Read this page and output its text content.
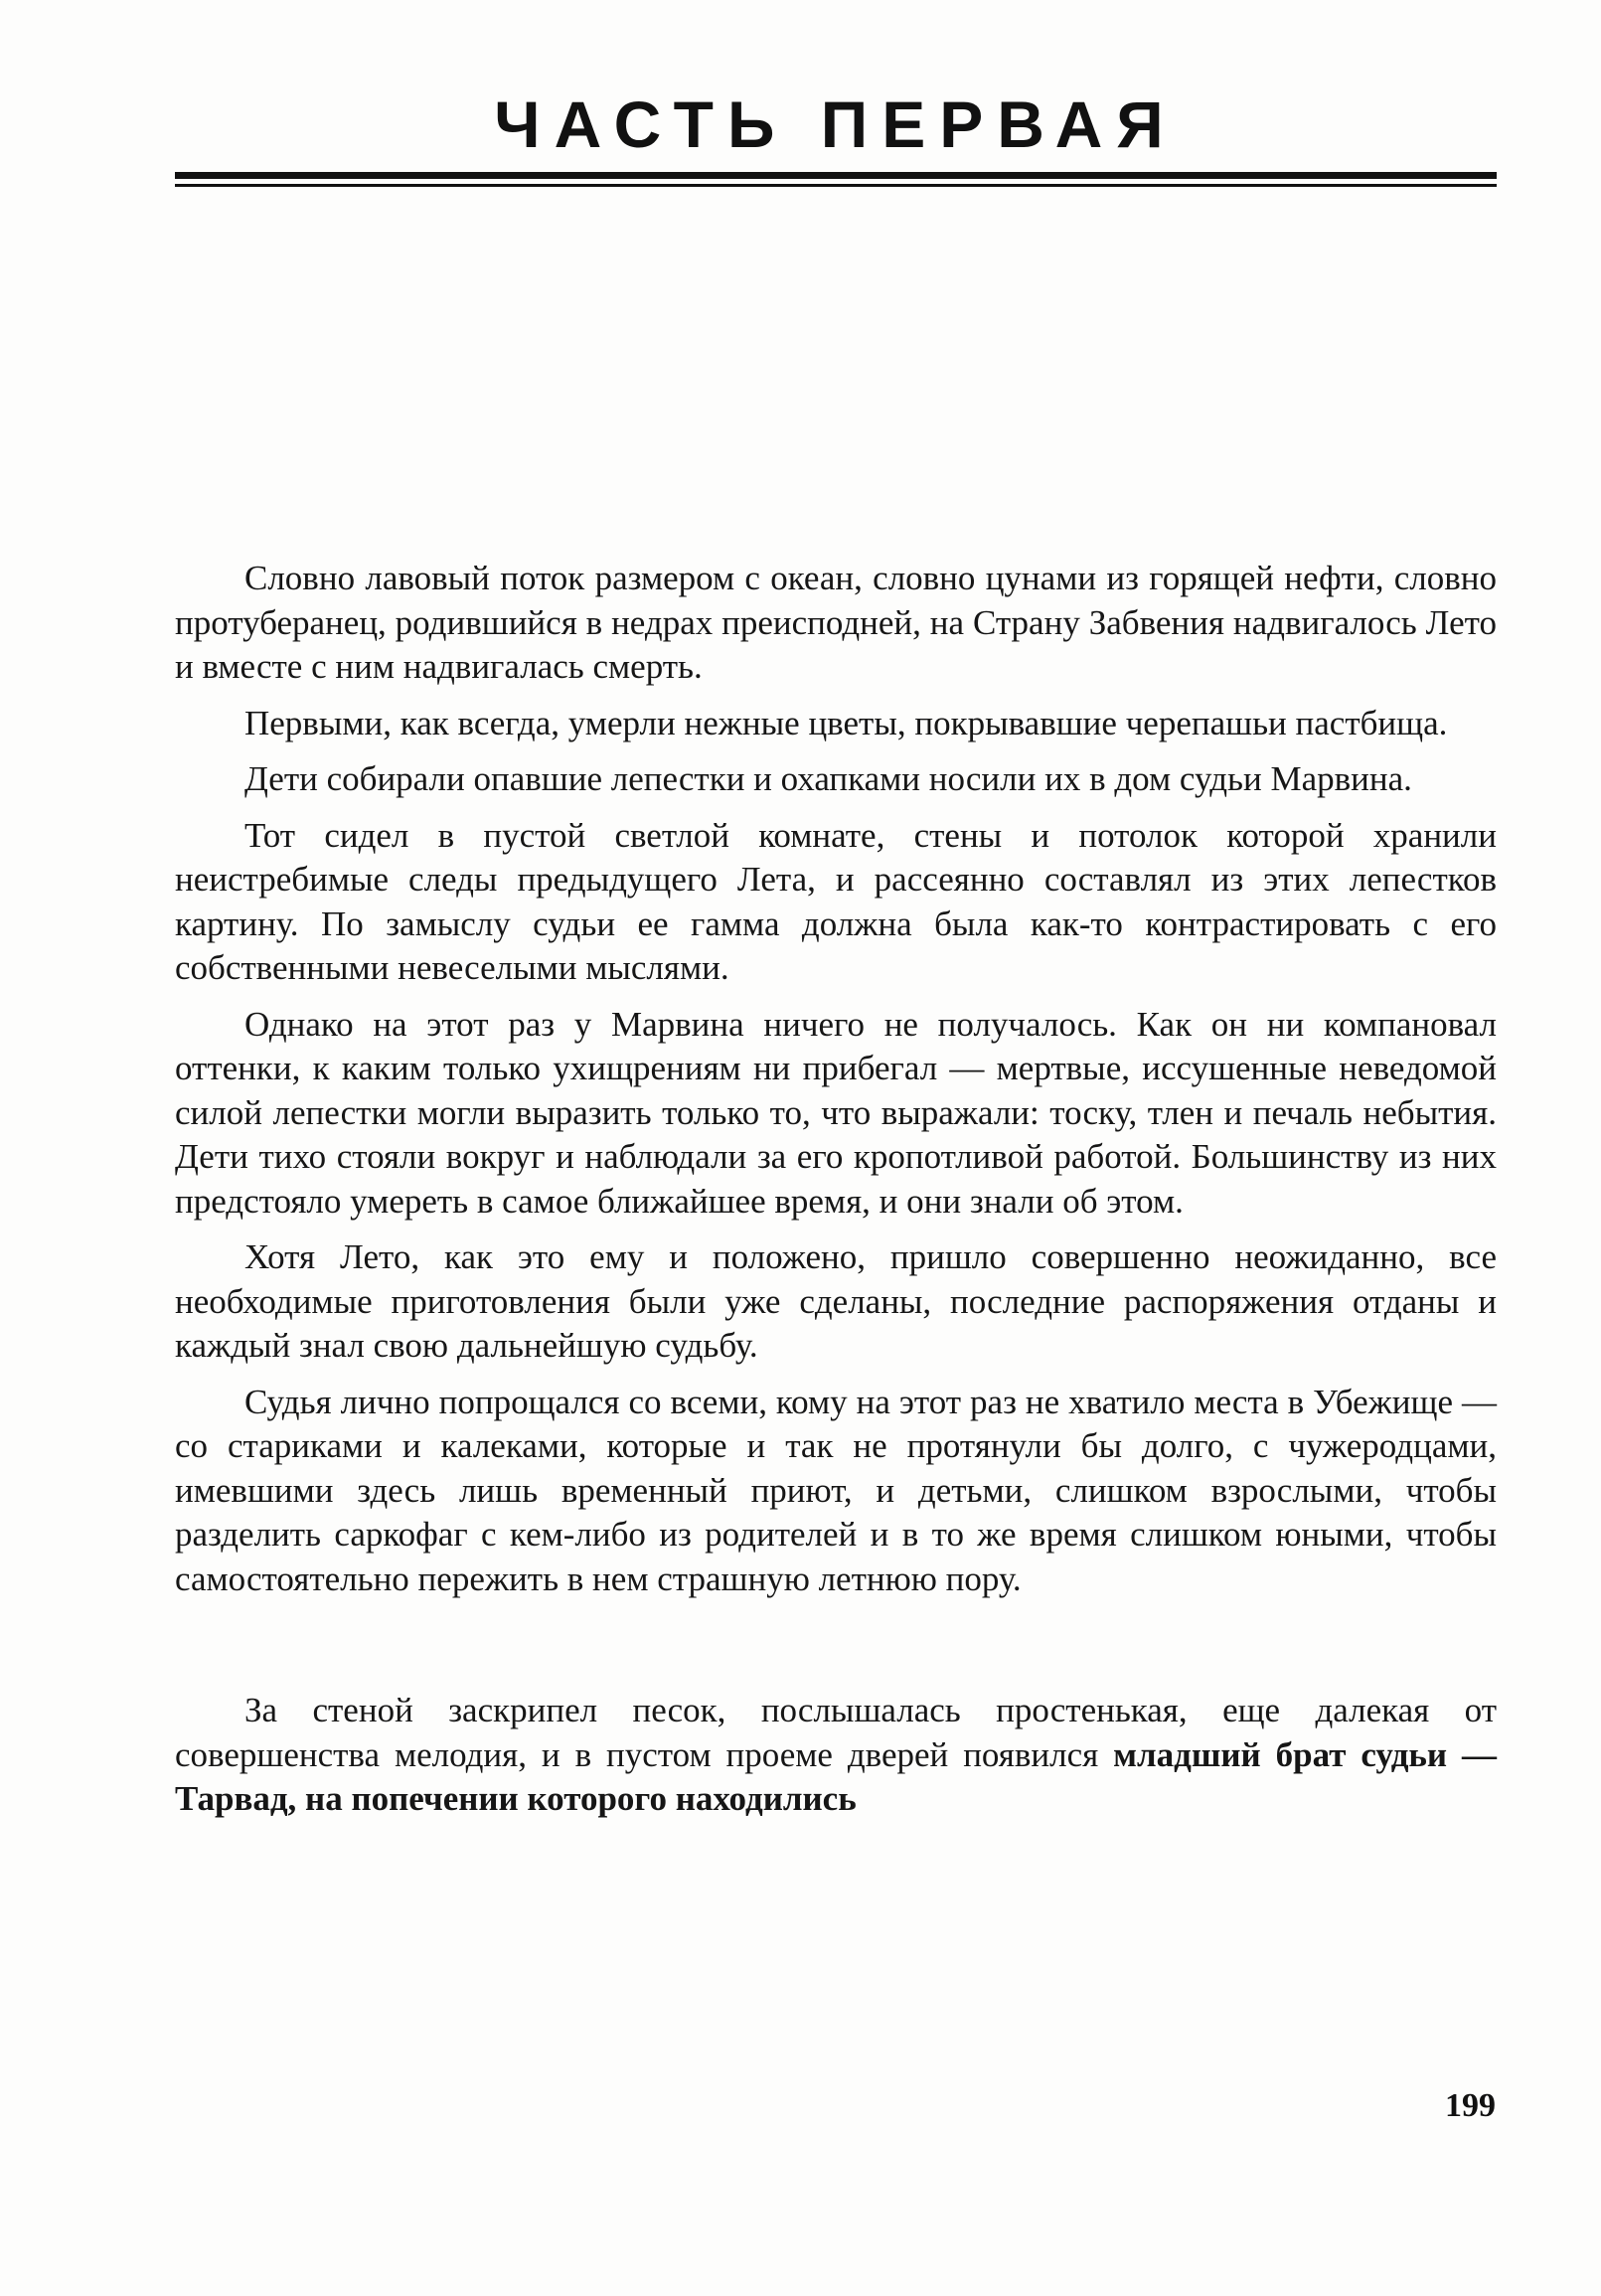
ЧАСТЬ ПЕРВАЯ

Словно лавовый поток размером с океан, словно цунами из горящей нефти, словно протуберанец, родившийся в недрах преисподней, на Страну Забвения надвигалось Лето и вместе с ним надвигалась смерть.

Первыми, как всегда, умерли нежные цветы, покрывавшие черепашьи пастбища.

Дети собирали опавшие лепестки и охапками носили их в дом судьи Марвина.

Тот сидел в пустой светлой комнате, стены и потолок которой хранили неистребимые следы предыдущего Лета, и рассеянно составлял из этих лепестков картину. По замыслу судьи ее гамма должна была как-то контрастировать с его собственными невеселыми мыслями.

Однако на этот раз у Марвина ничего не получалось. Как он ни компановал оттенки, к каким только ухищрениям ни прибегал — мертвые, иссушенные неведомой силой лепестки могли выразить только то, что выражали: тоску, тлен и печаль небытия. Дети тихо стояли вокруг и наблюдали за его кропотливой работой. Большинству из них предстояло умереть в самое ближайшее время, и они знали об этом.

Хотя Лето, как это ему и положено, пришло совершенно неожиданно, все необходимые приготовления были уже сделаны, последние распоряжения отданы и каждый знал свою дальнейшую судьбу.

Судья лично попрощался со всеми, кому на этот раз не хватило места в Убежище — со стариками и калеками, которые и так не протянули бы долго, с чужеродцами, имевшими здесь лишь временный приют, и детьми, слишком взрослыми, чтобы разделить саркофаг с кем-либо из родителей и в то же время слишком юными, чтобы самостоятельно пережить в нем страшную летнюю пору.

За стеной заскрипел песок, послышалась простенькая, еще далекая от совершенства мелодия, и в пустом проеме дверей появился младший брат судьи — Тарвад, на попечении которого находились

199
